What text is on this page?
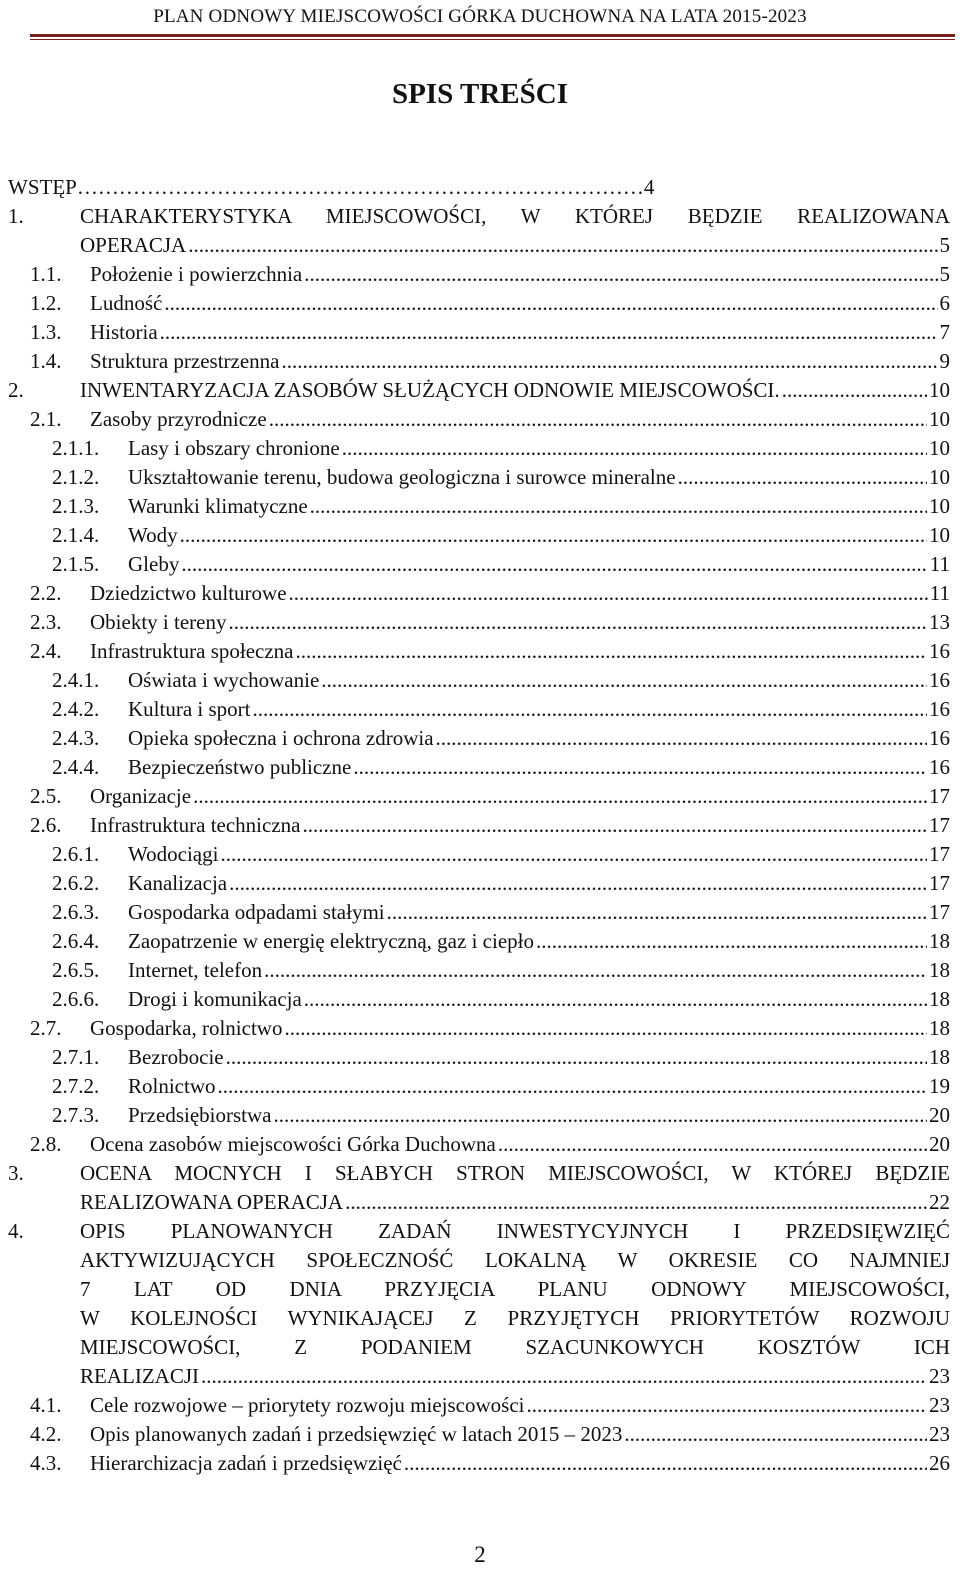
PLAN ODNOWY MIEJSCOWOŚCI GÓRKA DUCHOWNA NA LATA 2015-2023
SPIS TREŚCI
WSTĘP………………………………………………………………………4
1.	CHARAKTERYSTYKA MIEJSCOWOŚCI, W KTÓREJ BĘDZIE REALIZOWANA
OPERACJA .....	5
1.1.	Położenie i powierzchnia .....	5
1.2.	Ludność .....	6
1.3.	Historia .....	7
1.4.	Struktura przestrzenna .....	9
2.	INWENTARYZACJA ZASOBÓW SŁUŻĄCYCH ODNOWIE MIEJSCOWOŚCI. .....	10
2.1.	Zasoby przyrodnicze .....	10
2.1.1.	Lasy i obszary chronione .....	10
2.1.2.	Ukształtowanie terenu, budowa geologiczna i surowce mineralne .....	10
2.1.3.	Warunki klimatyczne .....	10
2.1.4.	Wody .....	10
2.1.5.	Gleby .....	11
2.2.	Dziedzictwo kulturowe .....	11
2.3.	Obiekty i tereny .....	13
2.4.	Infrastruktura społeczna .....	16
2.4.1.	Oświata i wychowanie .....	16
2.4.2.	Kultura i sport .....	16
2.4.3.	Opieka społeczna i ochrona zdrowia .....	16
2.4.4.	Bezpieczeństwo publiczne .....	16
2.5.	Organizacje .....	17
2.6.	Infrastruktura techniczna .....	17
2.6.1.	Wodociągi .....	17
2.6.2.	Kanalizacja .....	17
2.6.3.	Gospodarka odpadami stałymi .....	17
2.6.4.	Zaopatrzenie w energię elektryczną, gaz i ciepło .....	18
2.6.5.	Internet, telefon .....	18
2.6.6.	Drogi i komunikacja .....	18
2.7.	Gospodarka, rolnictwo .....	18
2.7.1.	Bezrobocie .....	18
2.7.2.	Rolnictwo .....	19
2.7.3.	Przedsiębiorstwa .....	20
2.8.	Ocena zasobów miejscowości Górka Duchowna .....	20
3.	OCENA MOCNYCH I SŁABYCH STRON MIEJSCOWOŚCI, W KTÓREJ BĘDZIE
REALIZOWANA OPERACJA .....	22
4.	OPIS PLANOWANYCH ZADAŃ INWESTYCYJNYCH I PRZEDSIĘWZIĘĆ
AKTYWIZUJĄCYCH SPOŁECZNOŚĆ LOKALNĄ W OKRESIE CO NAJMNIEJ
7 LAT OD DNIA PRZYJĘCIA PLANU ODNOWY MIEJSCOWOŚCI,
W KOLEJNOŚCI WYNIKAJĄCEJ Z PRZYJĘTYCH PRIORYTETÓW ROZWOJU
MIEJSCOWOŚCI, Z PODANIEM SZACUNKOWYCH KOSZTÓW ICH
REALIZACJI .....	23
4.1.	Cele rozwojowe – priorytety rozwoju miejscowości .....	23
4.2.	Opis planowanych zadań i przedsięwzięć w latach 2015 – 2023 .....	23
4.3.	Hierarchizacja zadań i przedsięwzięć .....	26
2
